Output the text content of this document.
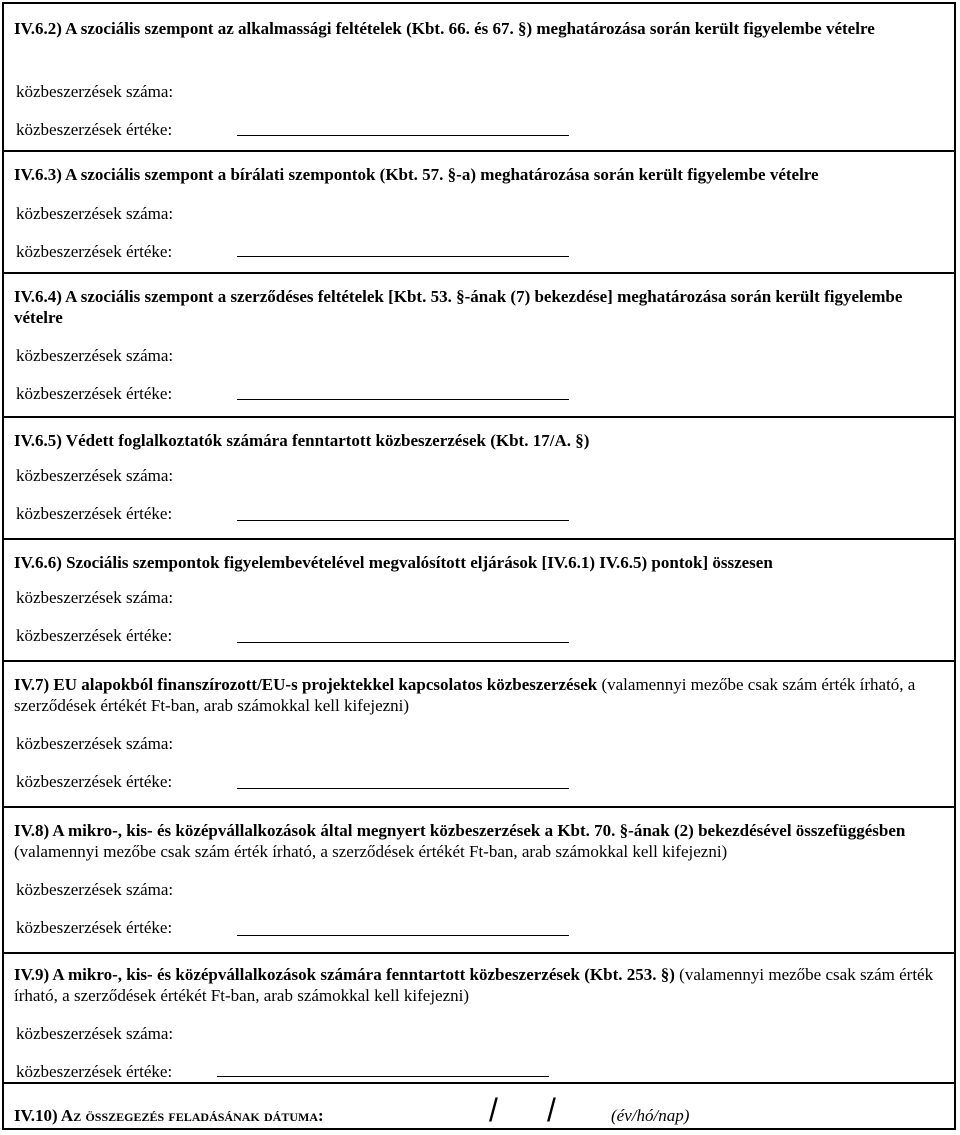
IV.6.2) A szociális szempont az alkalmassági feltételek (Kbt. 66. és 67. §) meghatározása során került figyelembe vételre
közbeszerzések száma:
közbeszerzések értéke:
IV.6.3) A szociális szempont a bírálati szempontok (Kbt. 57. §-a) meghatározása során került figyelembe vételre
közbeszerzések száma:
közbeszerzések értéke:
IV.6.4) A szociális szempont a szerződéses feltételek [Kbt. 53. §-ának (7) bekezdése] meghatározása során került figyelembe vételre
közbeszerzések száma:
közbeszerzések értéke:
IV.6.5) Védett foglalkoztatók számára fenntartott közbeszerzések (Kbt. 17/A. §)
közbeszerzések száma:
közbeszerzések értéke:
IV.6.6) Szociális szempontok figyelembevételével megvalósított eljárások [IV.6.1) IV.6.5) pontok] összesen
közbeszerzések száma:
közbeszerzések értéke:
IV.7) EU alapokból finanszírozott/EU-s projektekkel kapcsolatos közbeszerzések (valamennyi mezőbe csak szám érték írható, a szerződések értékét Ft-ban, arab számokkal kell kifejezni)
közbeszerzések száma:
közbeszerzések értéke:
IV.8) A mikro-, kis- és középvállalkozások által megnyert közbeszerzések a Kbt. 70. §-ának (2) bekezdésével összefüggésben (valamennyi mezőbe csak szám érték írható, a szerződések értékét Ft-ban, arab számokkal kell kifejezni)
közbeszerzések száma:
közbeszerzések értéke:
IV.9) A mikro-, kis- és középvállalkozások számára fenntartott közbeszerzések (Kbt. 253. §) (valamennyi mezőbe csak szám érték írható, a szerződések értékét Ft-ban, arab számokkal kell kifejezni)
közbeszerzések száma:
közbeszerzések értéke:
IV.10) Az összegezés feladásának dátuma:	/ /	(év/hó/nap)
